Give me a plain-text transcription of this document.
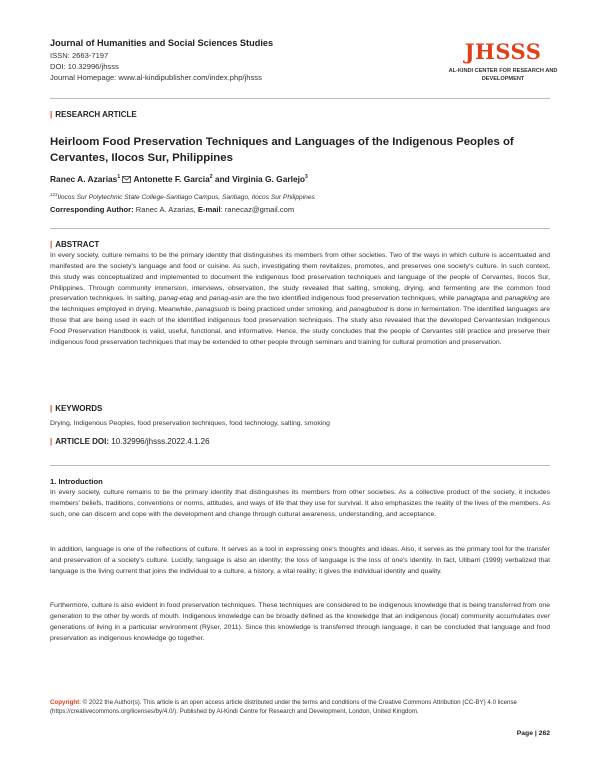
Journal of Humanities and Social Sciences Studies
ISSN: 2663-7197
DOI: 10.32996/jhsss
Journal Homepage: www.al-kindipublisher.com/index.php/jhsss
JHSSS
AL-KINDI CENTER FOR RESEARCH AND DEVELOPMENT
| RESEARCH ARTICLE
Heirloom Food Preservation Techniques and Languages of the Indigenous Peoples of Cervantes, Ilocos Sur, Philippines
Ranec A. Azarias$^1$ Antonette F. Garcia$^2$ and Virginia G. Garlejo$^3$
$^{123}$Ilocos Sur Polytechnic State College-Santiago Campus, Santiago, Ilocos Sur Philippines
Corresponding Author: Ranec A. Azarias, E-mail: ranecaz@gmail.com
| ABSTRACT
In every society, culture remains to be the primary identity that distinguishes its members from other societies. Two of the ways in which culture is accentuated and manifested are the society's language and food or cuisine. As such, investigating them revitalizes, promotes, and preserves one society's culture. In such context, this study was conceptualized and implemented to document the indigenous food preservation techniques and language of the people of Cervantes, Ilocos Sur, Philippines. Through community immersion, interviews, observation, the study revealed that salting, smoking, drying, and fermenting are the common food preservation techniques. In salting, panag-etag and panag-asin are the two identified indigenous food preservation techniques, while panagtapa and panagkiing are the techniques employed in drying. Meanwhile, panagsuob is being practiced under smoking, and panagbubod is done in fermentation. The identified languages are those that are being used in each of the identified indigenous food preservation techniques. The study also revealed that the developed Cervantesian Indigenous Food Preservation Handbook is valid, useful, functional, and informative. Hence, the study concludes that the people of Cervantes still practice and preserve their indigenous food preservation techniques that may be extended to other people through seminars and training for cultural promotion and preservation.
| KEYWORDS
Drying, Indigenous Peoples, food preservation techniques, food technology, salting, smoking
| ARTICLE DOI: 10.32996/jhsss.2022.4.1.26
1. Introduction
In every society, culture remains to be the primary identity that distinguishes its members from other societies. As a collective product of the society, it includes members' beliefs, traditions, conventions or norms, attitudes, and ways of life that they use for survival. It also emphasizes the reality of the lives of the members. As such, one can discern and cope with the development and change through cultural awareness, understanding, and acceptance.
In addition, language is one of the reflections of culture. It serves as a tool in expressing one's thoughts and ideas. Also, it serves as the primary tool for the transfer and preservation of a society's culture. Lucidly, language is also an identity; the loss of language is the loss of one's identity. In fact, Ulibarri (1999) verbalized that language is the living current that joins the individual to a culture, a history, a vital reality; it gives the individual identity and quality.
Furthermore, culture is also evident in food preservation techniques. These techniques are considered to be indigenous knowledge that is being transferred from one generation to the other by words of mouth. Indigenous knowledge can be broadly defined as the knowledge that an indigenous (local) community accumulates over generations of living in a particular environment (Rÿser, 2011). Since this knowledge is transferred through language, it can be concluded that language and food preservation as indigenous knowledge go together.
Copyright: © 2022 the Author(s). This article is an open access article distributed under the terms and conditions of the Creative Commons Attribution (CC-BY) 4.0 license (https://creativecommons.org/licenses/by/4.0/). Published by Al-Kindi Centre for Research and Development, London, United Kingdom.
Page | 262
